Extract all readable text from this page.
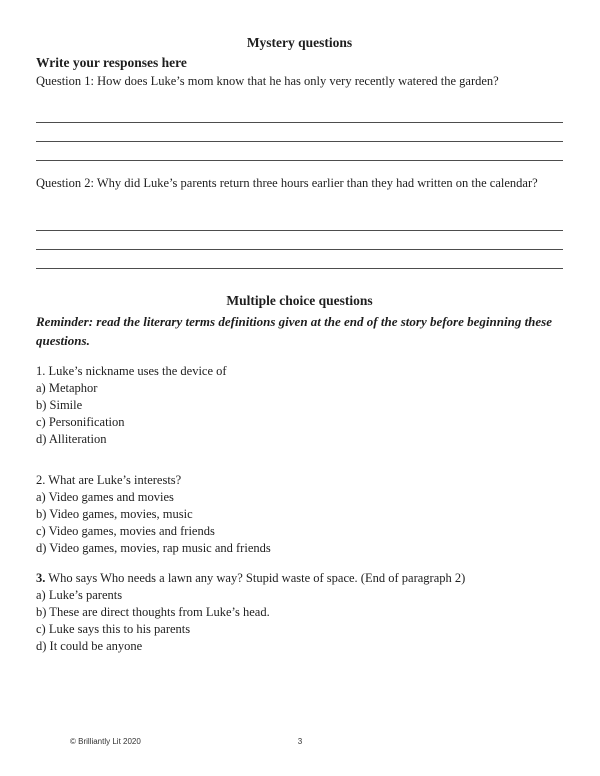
Mystery questions
Write your responses here

Question 1: How does Luke’s mom know that he has only very recently watered the garden?

Question 2: Why did Luke’s parents return three hours earlier than they had written on the calendar?

Multiple choice questions

Reminder: read the literary terms definitions given at the end of the story before beginning these questions.

1. Luke’s nickname uses the device of

a) Metaphor

b) Simile

c) Personification

d) Alliteration

2. What are Luke’s interests?

a) Video games and movies

b) Video games, movies, music

c) Video games, movies and friends

d) Video games, movies, rap music and friends

3. Who says Who needs a lawn any way? Stupid waste of space. (End of paragraph 2)

a) Luke’s parents

b) These are direct thoughts from Luke’s head.

c) Luke says this to his parents

d) It could be anyone

© Brilliantly Lit 2020	3
